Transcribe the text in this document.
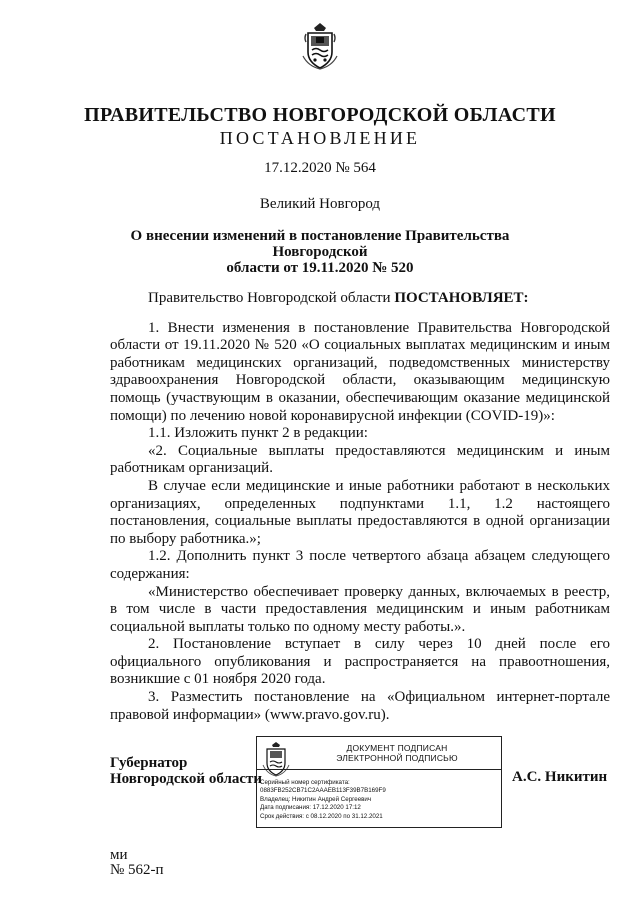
ПРАВИТЕЛЬСТВО НОВГОРОДСКОЙ ОБЛАСТИ
ПОСТАНОВЛЕНИЕ
17.12.2020 № 564
Великий Новгород
О внесении изменений в постановление Правительства Новгородской
области от 19.11.2020 № 520

Правительство Новгородской области ПОСТАНОВЛЯЕТ:

1. Внести изменения в постановление Правительства Новгородской области от 19.11.2020 № 520 «О социальных выплатах медицинским и иным работникам медицинских организаций, подведомственных министерству здравоохранения Новгородской области, оказывающим медицинскую помощь (участвующим в оказании, обеспечивающим оказание медицинской помощи) по лечению новой коронавирусной инфекции (COVID-19)»:

1.1. Изложить пункт 2 в редакции:

«2. Социальные выплаты предоставляются медицинским и иным работникам организаций.

В случае если медицинские и иные работники работают в нескольких организациях, определенных подпунктами 1.1, 1.2 настоящего постановления, социальные выплаты предоставляются в одной организации по выбору работника.»;

1.2. Дополнить пункт 3 после четвертого абзаца абзацем следующего содержания:

«Министерство обеспечивает проверку данных, включаемых в реестр, в том числе в части предоставления медицинским и иным работникам социальной выплаты только по одному месту работы.».

2. Постановление вступает в силу через 10 дней после его официального опубликования и распространяется на правоотношения, возникшие с 01 ноября 2020 года.

3. Разместить постановление на «Официальном интернет-портале правовой информации» (www.pravo.gov.ru).

Губернатор
Новгородской области
ДОКУМЕНТ ПОДПИСАН
ЭЛЕКТРОННОЙ ПОДПИСЬЮ
Серийный номер сертификата:
0883FB252CB71C2AAAEB113F39B7B169F9
Владелец: Никитин Андрей Сергеевич
Дата подписания: 17.12.2020 17:12
Срок действия: с 08.12.2020 по 31.12.2021
А.С. Никитин
ми
№ 562-п
